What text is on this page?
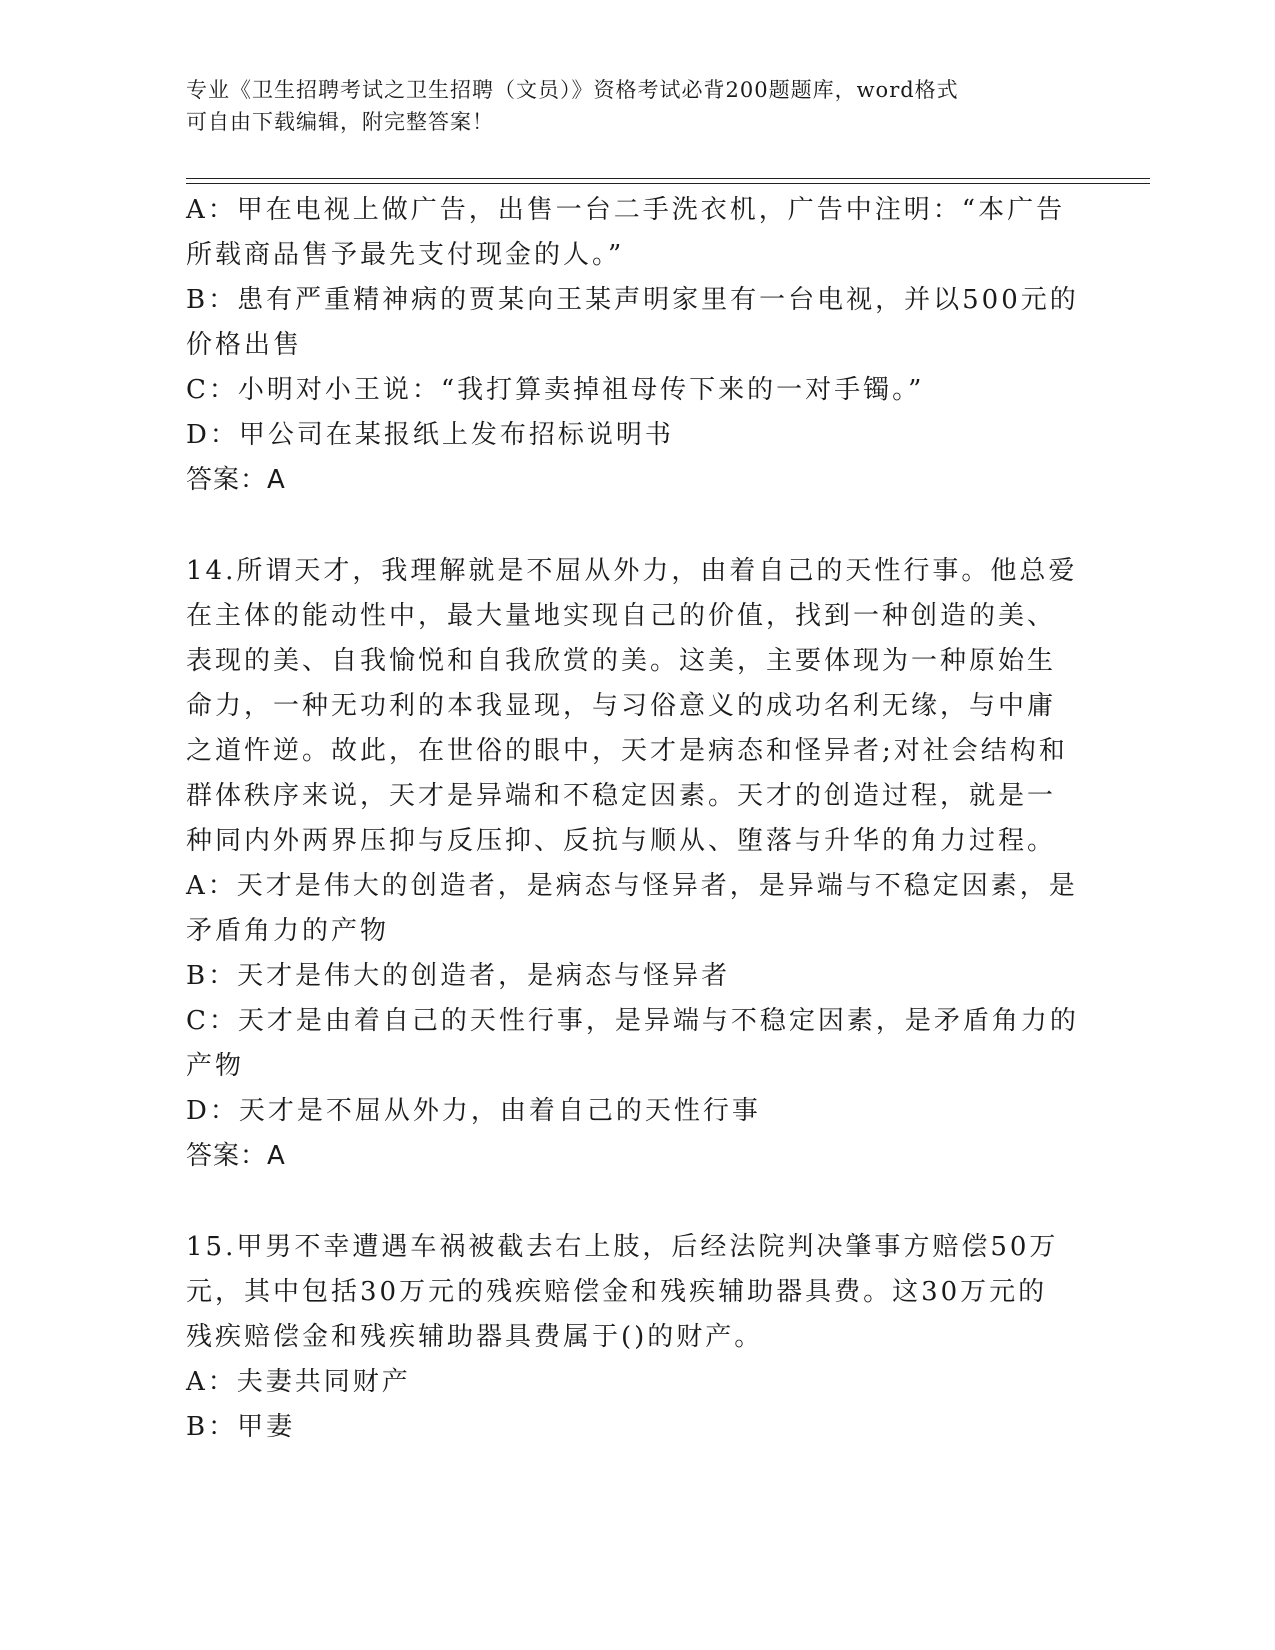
专业《卫生招聘考试之卫生招聘（文员）》资格考试必背200题题库，word格式
可自由下载编辑，附完整答案！
A：甲在电视上做广告，出售一台二手洗衣机，广告中注明：“本广告
所载商品售予最先支付现金的人。”
B：患有严重精神病的贾某向王某声明家里有一台电视，并以500元的
价格出售
C：小明对小王说：“我打算卖掉祖母传下来的一对手镯。”
D：甲公司在某报纸上发布招标说明书
答案：A
14.所谓天才，我理解就是不屈从外力，由着自己的天性行事。他总爱
在主体的能动性中，最大量地实现自己的价值，找到一种创造的美、
表现的美、自我愉悦和自我欣赏的美。这美，主要体现为一种原始生
命力，一种无功利的本我显现，与习俗意义的成功名利无缘，与中庸
之道忤逆。故此，在世俗的眼中，天才是病态和怪异者;对社会结构和
群体秩序来说，天才是异端和不稳定因素。天才的创造过程，就是一
种同内外两界压抑与反压抑、反抗与顺从、堕落与升华的角力过程。
A：天才是伟大的创造者，是病态与怪异者，是异端与不稳定因素，是
矛盾角力的产物
B：天才是伟大的创造者，是病态与怪异者
C：天才是由着自己的天性行事，是异端与不稳定因素，是矛盾角力的
产物
D：天才是不屈从外力，由着自己的天性行事
答案：A
15.甲男不幸遭遇车祸被截去右上肢，后经法院判决肇事方赔偿50万
元，其中包括30万元的残疾赔偿金和残疾辅助器具费。这30万元的
残疾赔偿金和残疾辅助器具费属于()的财产。
A：夫妻共同财产
B：甲妻
